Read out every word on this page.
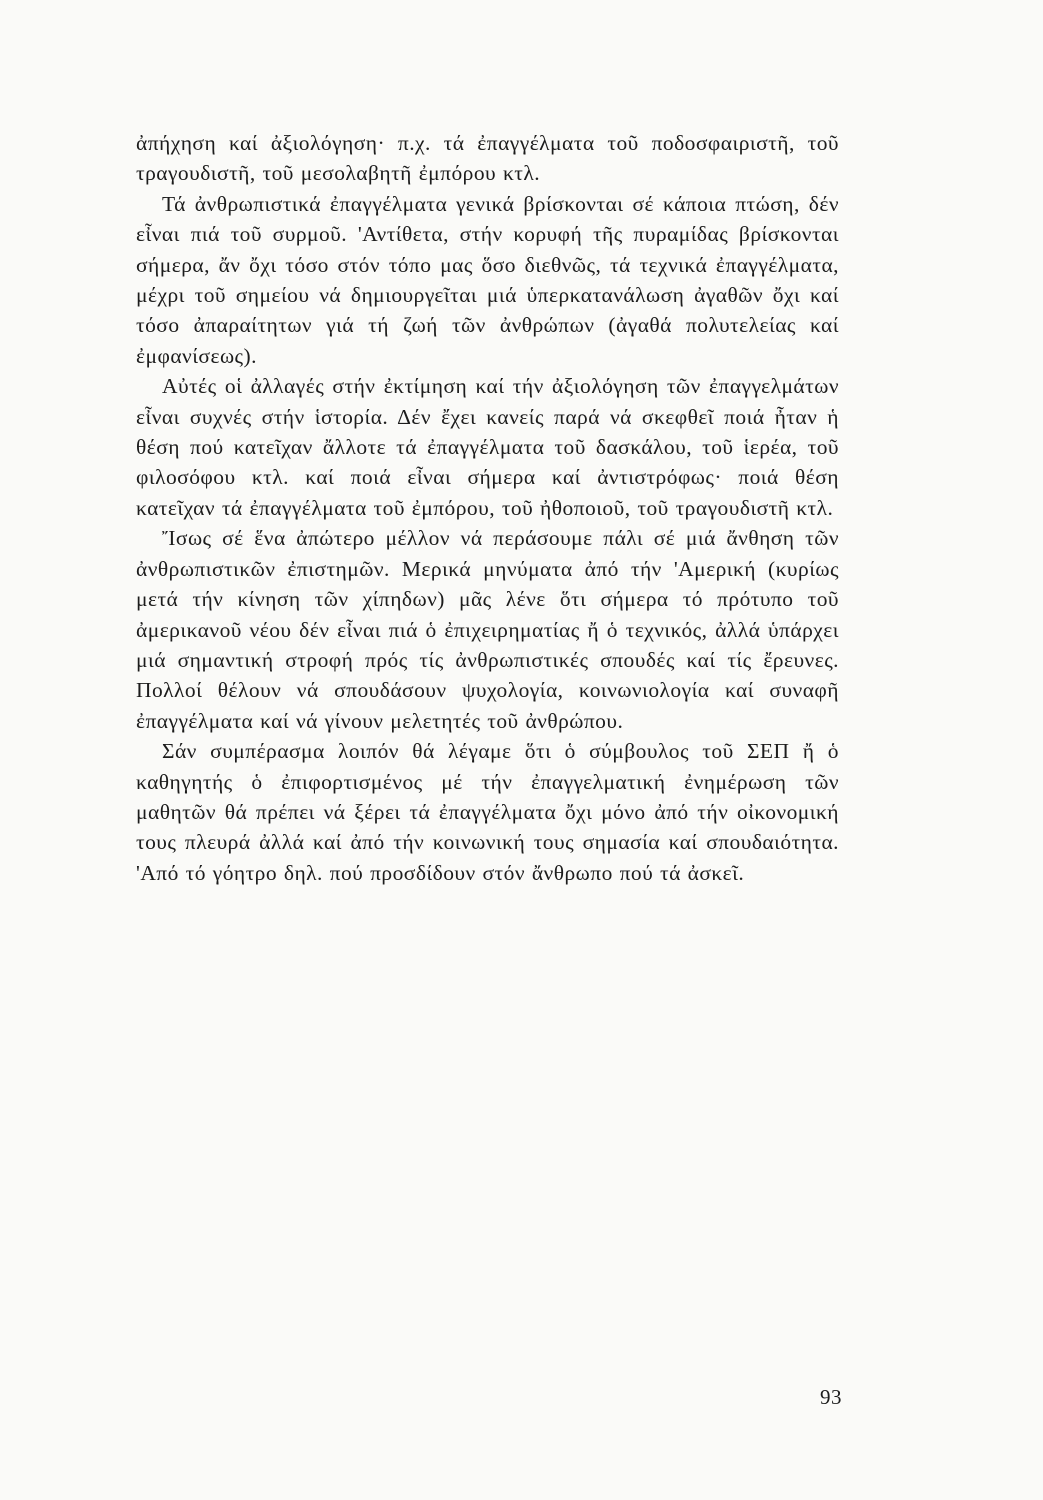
ἀπήχηση καί ἀξιολόγηση· π.χ. τά ἐπαγγέλματα τοῦ ποδοσφαιριστῆ, τοῦ τραγουδιστῆ, τοῦ μεσολαβητῆ ἐμπόρου κτλ.

Τά ἀνθρωπιστικά ἐπαγγέλματα γενικά βρίσκονται σέ κάποια πτώση, δέν εἶναι πιά τοῦ συρμοῦ. 'Αντίθετα, στήν κορυφή τῆς πυραμίδας βρίσκονται σήμερα, ἄν ὄχι τόσο στόν τόπο μας ὅσο διεθνῶς, τά τεχνικά ἐπαγγέλματα, μέχρι τοῦ σημείου νά δημιουργεῖται μιά ὑπερκατανάλωση ἀγαθῶν ὄχι καί τόσο ἀπαραίτητων γιά τή ζωή τῶν ἀνθρώπων (ἀγαθά πολυτελείας καί ἐμφανίσεως).

Αὐτές οἱ ἀλλαγές στήν ἐκτίμηση καί τήν ἀξιολόγηση τῶν ἐπαγγελμάτων εἶναι συχνές στήν ἱστορία. Δέν ἔχει κανείς παρά νά σκεφθεῖ ποιά ἦταν ἡ θέση πού κατεῖχαν ἄλλοτε τά ἐπαγγέλματα τοῦ δασκάλου, τοῦ ἱερέα, τοῦ φιλοσόφου κτλ. καί ποιά εἶναι σήμερα καί ἀντιστρόφως· ποιά θέση κατεῖχαν τά ἐπαγγέλματα τοῦ ἐμπόρου, τοῦ ἠθοποιοῦ, τοῦ τραγουδιστῆ κτλ.

Ἴσως σέ ἕνα ἀπώτερο μέλλον νά περάσουμε πάλι σέ μιά ἄνθηση τῶν ἀνθρωπιστικῶν ἐπιστημῶν. Μερικά μηνύματα ἀπό τήν 'Αμερική (κυρίως μετά τήν κίνηση τῶν χίπηδων) μᾶς λένε ὅτι σήμερα τό πρότυπο τοῦ ἀμερικανοῦ νέου δέν εἶναι πιά ὁ ἐπιχειρηματίας ἤ ὁ τεχνικός, ἀλλά ὑπάρχει μιά σημαντική στροφή πρός τίς ἀνθρωπιστικές σπουδές καί τίς ἔρευνες. Πολλοί θέλουν νά σπουδάσουν ψυχολογία, κοινωνιολογία καί συναφῆ ἐπαγγέλματα καί νά γίνουν μελετητές τοῦ ἀνθρώπου.

Σάν συμπέρασμα λοιπόν θά λέγαμε ὅτι ὁ σύμβουλος τοῦ ΣΕΠ ἤ ὁ καθηγητής ὁ ἐπιφορτισμένος μέ τήν ἐπαγγελματική ἐνημέρωση τῶν μαθητῶν θά πρέπει νά ξέρει τά ἐπαγγέλματα ὄχι μόνο ἀπό τήν οἰκονομική τους πλευρά ἀλλά καί ἀπό τήν κοινωνική τους σημασία καί σπουδαιότητα. 'Από τό γόητρο δηλ. πού προσδίδουν στόν ἄνθρωπο πού τά ἀσκεῖ.

93
